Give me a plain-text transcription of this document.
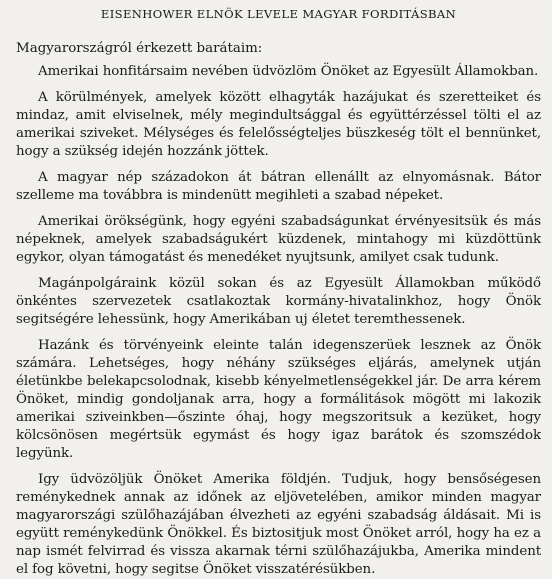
EISENHOWER ELNÖK LEVELE MAGYAR FORDITÁSBAN

Magyarországról érkezett barátaim:

Amerikai honfitársaim nevében üdvözlöm Önöket az Egyesült Államokban.

A körülmények, amelyek között elhagyták hazájukat és szeretteiket és mindaz, amit elviselnek, mély megindultsággal és együttérzéssel tölti el az amerikai sziveket. Mélységes és felelősségteljes büszkeség tölt el bennünket, hogy a szükség idején hozzánk jöttek.

A magyar nép századokon át bátran ellenállt az elnyomásnak. Bátor szelleme ma továbbra is mindenütt megihleti a szabad népeket.

Amerikai örökségünk, hogy egyéni szabadságunkat érvényesitsük és más népeknek, amelyek szabadságukért küzdenek, mintahogy mi küzdöttünk egykor, olyan támogatást és menedéket nyujtsunk, amilyet csak tudunk.

Magánpolgáraink közül sokan és az Egyesült Államokban működő önkéntes szervezetek csatlakoztak kormány-hivatalinkhoz, hogy Önök segitségére lehessünk, hogy Amerikában uj életet teremthessenek.

Hazánk és törvényeink eleinte talán idegenszerüek lesznek az Önök számára. Lehetséges, hogy néhány szükséges eljárás, amelynek utján életünkbe belekapcsolodnak, kisebb kényelmetlenségekkel jár. De arra kérem Önöket, mindig gondoljanak arra, hogy a formálitások mögött mi lakozik amerikai sziveinkben—őszinte óhaj, hogy megszoritsuk a kezüket, hogy kölcsönösen megértsük egymást és hogy igaz barátok és szomszédok legyünk.

Igy üdvözöljük Önöket Amerika földjén. Tudjuk, hogy bensőségesen reménykednek annak az időnek az eljövetelében, amikor minden magyar magyarországi szülőhazájában élvezheti az egyéni szabadság áldásait. Mi is együtt reménykedünk Önökkel. És biztositjuk most Önöket arról, hogy ha ez a nap ismét felvirrad és vissza akarnak térni szülőhazájukba, Amerika mindent el fog követni, hogy segitse Önöket visszatérésükben.
